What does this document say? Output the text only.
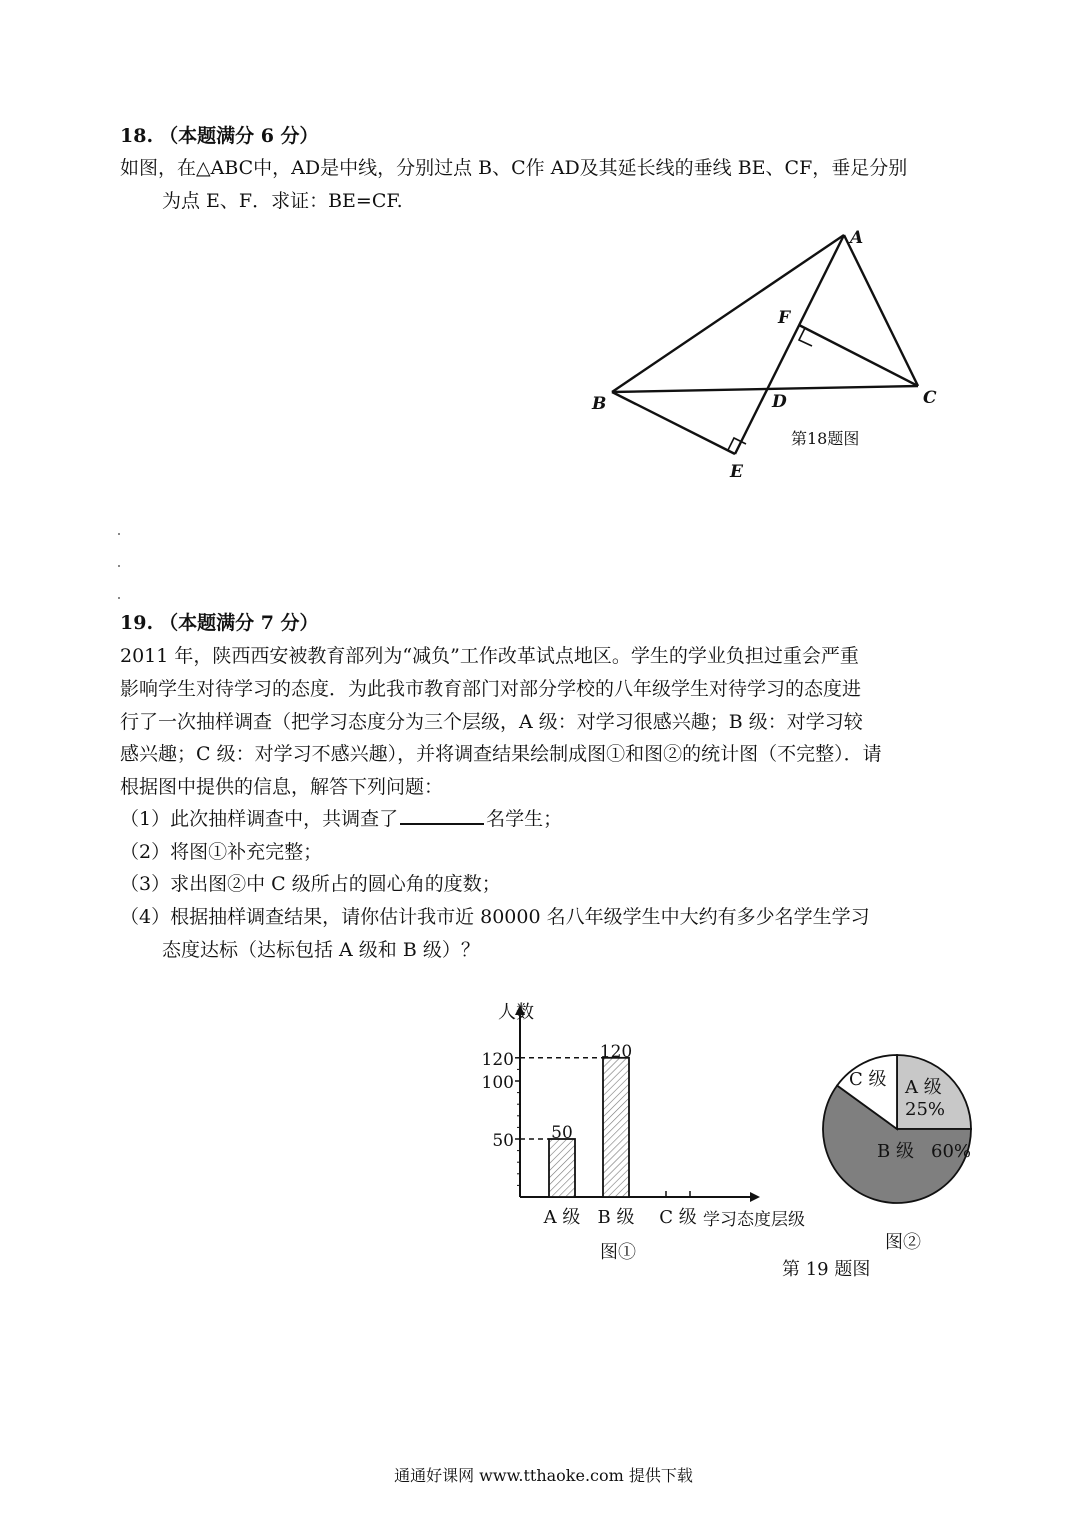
18. （本题满分 6 分）
如图，在△ABC中，AD是中线，分别过点 B、C作 AD及其延长线的垂线 BE、CF，垂足分别
为点 E、F．求证：BE=CF.
A
B	C
D
E
F
第18题图
19. （本题满分 7 分）
2011 年，陕西西安被教育部列为“减负”工作改革试点地区。学生的学业负担过重会严重
影响学生对待学习的态度．为此我市教育部门对部分学校的八年级学生对待学习的态度进
行了一次抽样调查（把学习态度分为三个层级，A 级：对学习很感兴趣；B 级：对学习较
感兴趣；C 级：对学习不感兴趣），并将调查结果绘制成图①和图②的统计图（不完整）．请
根据图中提供的信息，解答下列问题：
（1）此次抽样调查中，共调查了	名学生；
（2）将图①补充完整；
（3）求出图②中 C 级所占的圆心角的度数；
（4）根据抽样调查结果，请你估计我市近 80000 名八年级学生中大约有多少名学生学习
态度达标（达标包括 A 级和 B 级）？
人数
50
100
120
50
A 级
120
B 级 C 级 学习态度层级
第 19 题图
图①
A 级
25%
B 级 60%
C 级
图②
通通好课网 www.tthaoke.com 提供下载
